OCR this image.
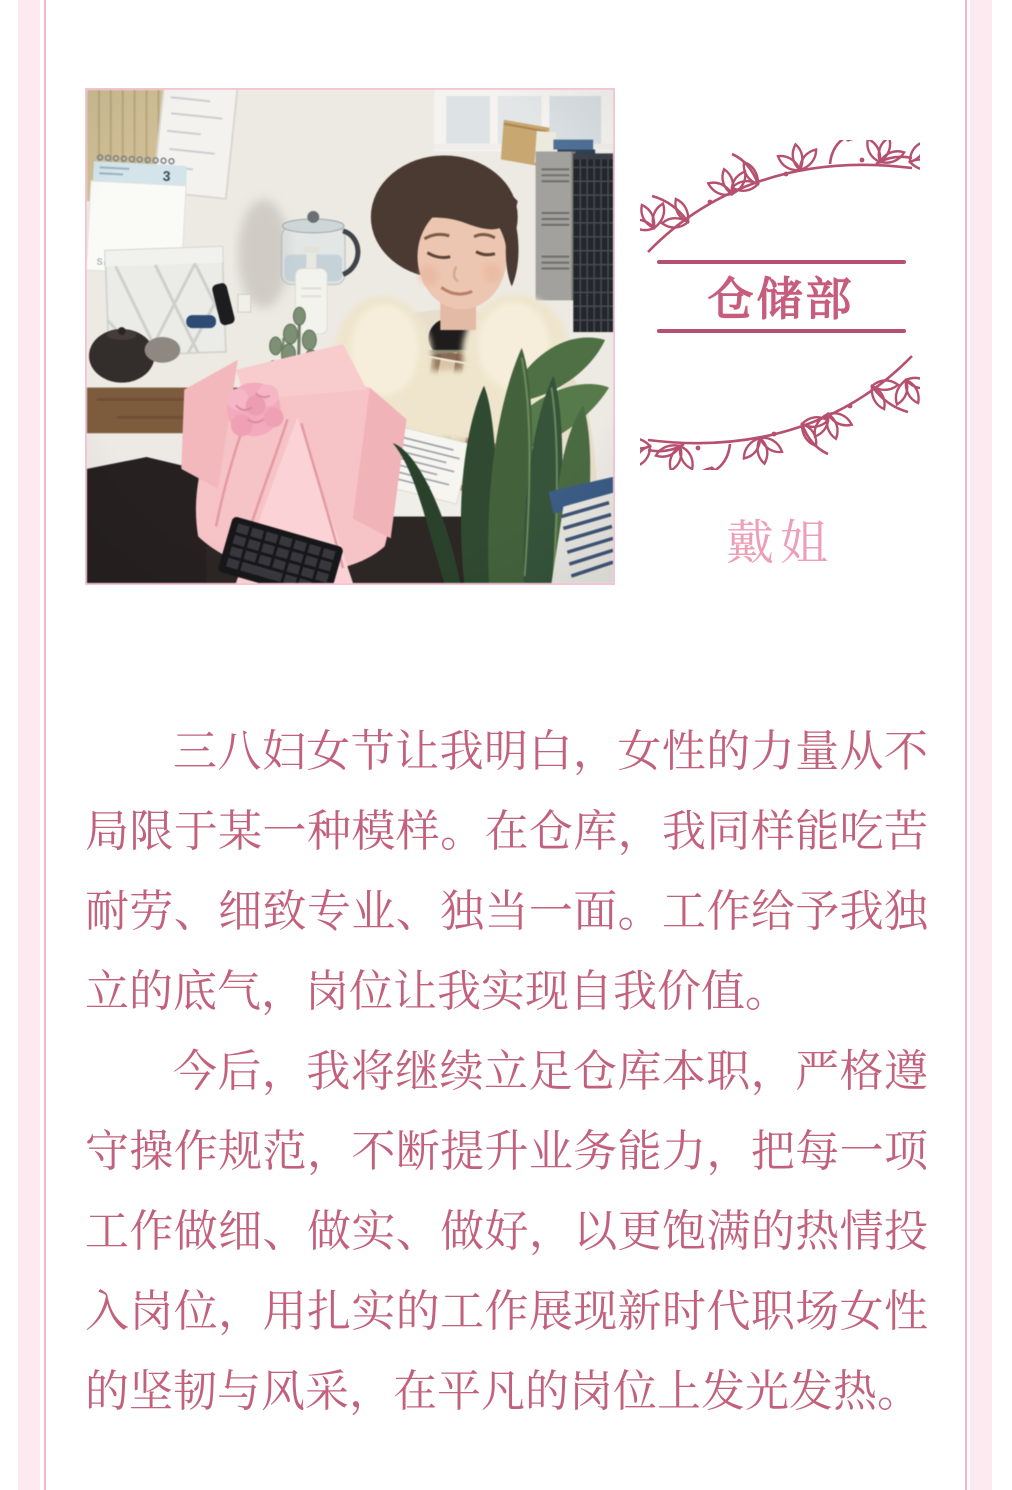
仓储部
戴姐

三八妇女节让我明白，女性的力量从不局限于某一种模样。在仓库，我同样能吃苦耐劳、细致专业、独当一面。工作给予我独立的底气，岗位让我实现自我价值。

今后，我将继续立足仓库本职，严格遵守操作规范，不断提升业务能力，把每一项工作做细、做实、做好，以更饱满的热情投入岗位，用扎实的工作展现新时代职场女性的坚韧与风采，在平凡的岗位上发光发热。
